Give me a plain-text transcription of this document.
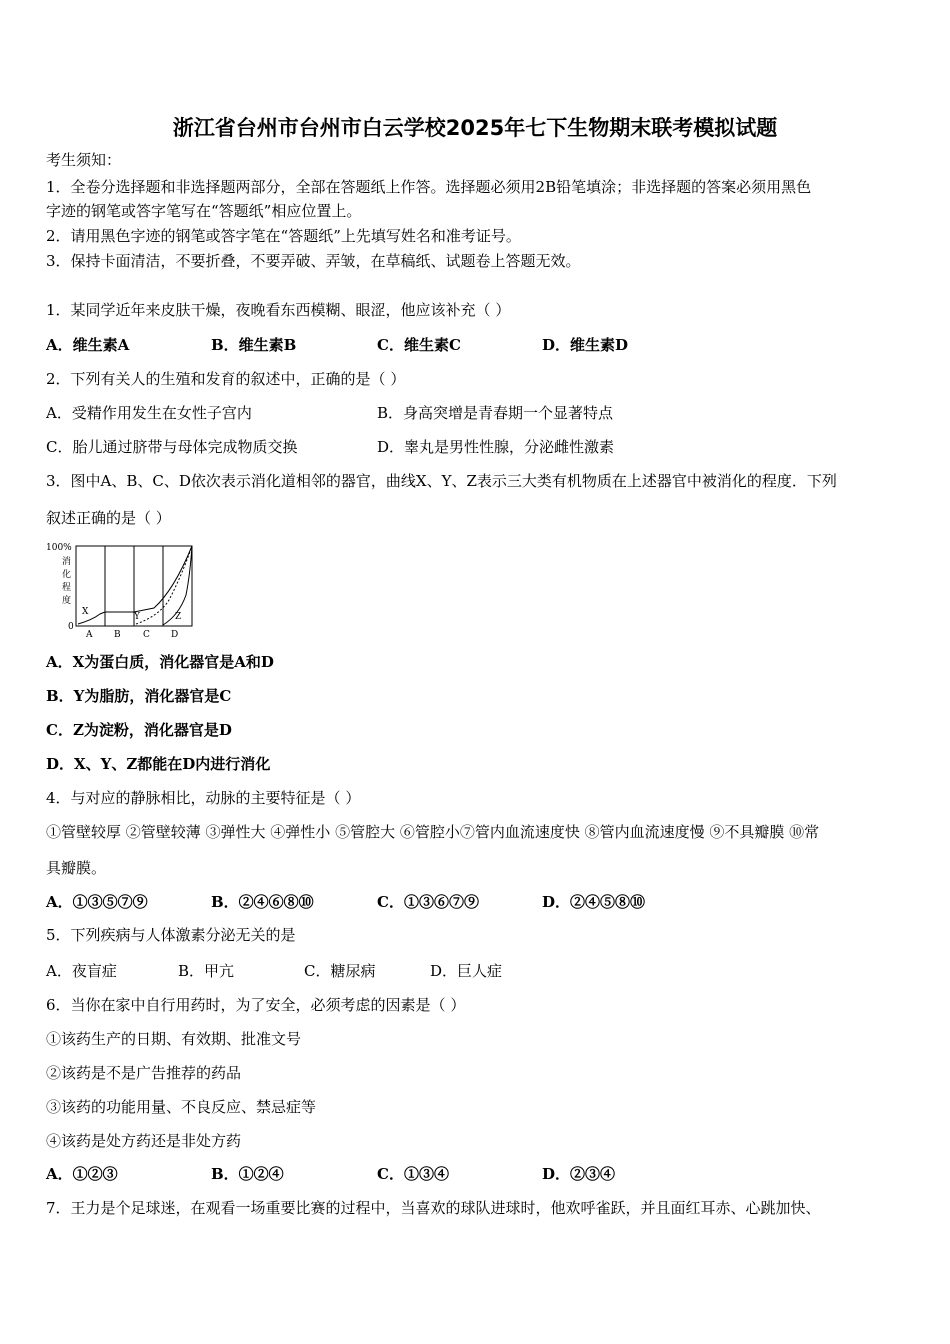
浙江省台州市台州市白云学校2025年七下生物期末联考模拟试题
考生须知：
1．全卷分选择题和非选择题两部分，全部在答题纸上作答。选择题必须用2B铅笔填涂；非选择题的答案必须用黑色
字迹的钢笔或答字笔写在“答题纸”相应位置上。
2．请用黑色字迹的钢笔或答字笔在“答题纸”上先填写姓名和准考证号。
3．保持卡面清洁，不要折叠，不要弄破、弄皱，在草稿纸、试题卷上答题无效。
1．某同学近年来皮肤干燥，夜晚看东西模糊、眼涩，他应该补充（ ）
A．维生素A	B．维生素B	C．维生素C	D．维生素D
2．下列有关人的生殖和发育的叙述中，正确的是（ ）
A．受精作用发生在女性子宫内	B．身高突增是青春期一个显著特点
C．胎儿通过脐带与母体完成物质交换	D．睾丸是男性性腺，分泌雌性激素
3．图中A、B、C、D依次表示消化道相邻的器官，曲线X、Y、Z表示三大类有机物质在上述器官中被消化的程度．下列
叙述正确的是（ ）
100%
0
消
化
程
度
A B C D
X	Y	Z
A．X为蛋白质，消化器官是A和D
B．Y为脂肪，消化器官是C
C．Z为淀粉，消化器官是D
D．X、Y、Z都能在D内进行消化
4．与对应的静脉相比，动脉的主要特征是（ ）
①管壁较厚 ②管壁较薄 ③弹性大 ④弹性小 ⑤管腔大 ⑥管腔小⑦管内血流速度快 ⑧管内血流速度慢 ⑨不具瓣膜 ⑩常
具瓣膜。
A．①③⑤⑦⑨	B．②④⑥⑧⑩	C．①③⑥⑦⑨	D．②④⑤⑧⑩
5．下列疾病与人体激素分泌无关的是
A．夜盲症	B．甲亢	C．糖尿病	D．巨人症
6．当你在家中自行用药时，为了安全，必须考虑的因素是（ ）
①该药生产的日期、有效期、批准文号
②该药是不是广告推荐的药品
③该药的功能用量、不良反应、禁忌症等
④该药是处方药还是非处方药
A．①②③	B．①②④	C．①③④	D．②③④
7．王力是个足球迷，在观看一场重要比赛的过程中，当喜欢的球队进球时，他欢呼雀跃，并且面红耳赤、心跳加快、
